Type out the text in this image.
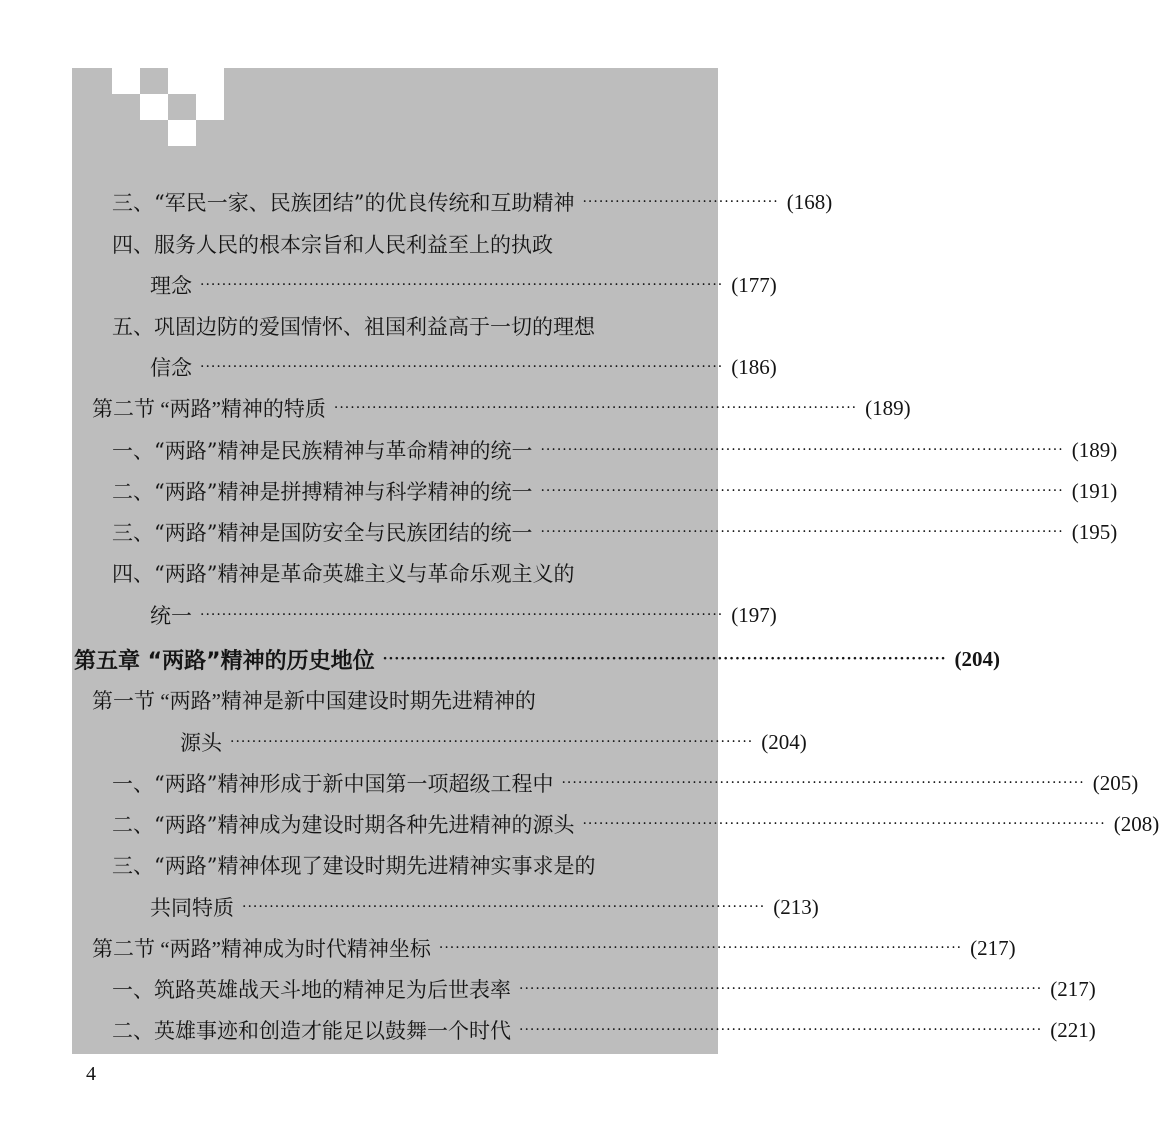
三、“军民一家、民族团结”的优良传统和互助精神 ···································· (168)
四、服务人民的根本宗旨和人民利益至上的执政
理念 ································································································ (177)
五、巩固边防的爱国情怀、祖国利益高于一切的理想
信念 ································································································ (186)
第二节 “两路”精神的特质 ································································································ (189)
一、“两路”精神是民族精神与革命精神的统一 ································································································ (189)
二、“两路”精神是拼搏精神与科学精神的统一 ································································································ (191)
三、“两路”精神是国防安全与民族团结的统一 ································································································ (195)
四、“两路”精神是革命英雄主义与革命乐观主义的
统一 ································································································ (197)
第五章 “两路”精神的历史地位 ································································································ (204)
第一节 “两路”精神是新中国建设时期先进精神的
源头 ································································································ (204)
一、“两路”精神形成于新中国第一项超级工程中 ································································································ (205)
二、“两路”精神成为建设时期各种先进精神的源头 ································································································ (208)
三、“两路”精神体现了建设时期先进精神实事求是的
共同特质 ································································································ (213)
第二节 “两路”精神成为时代精神坐标 ································································································ (217)
一、筑路英雄战天斗地的精神足为后世表率 ································································································ (217)
二、英雄事迹和创造才能足以鼓舞一个时代 ································································································ (221)
4
